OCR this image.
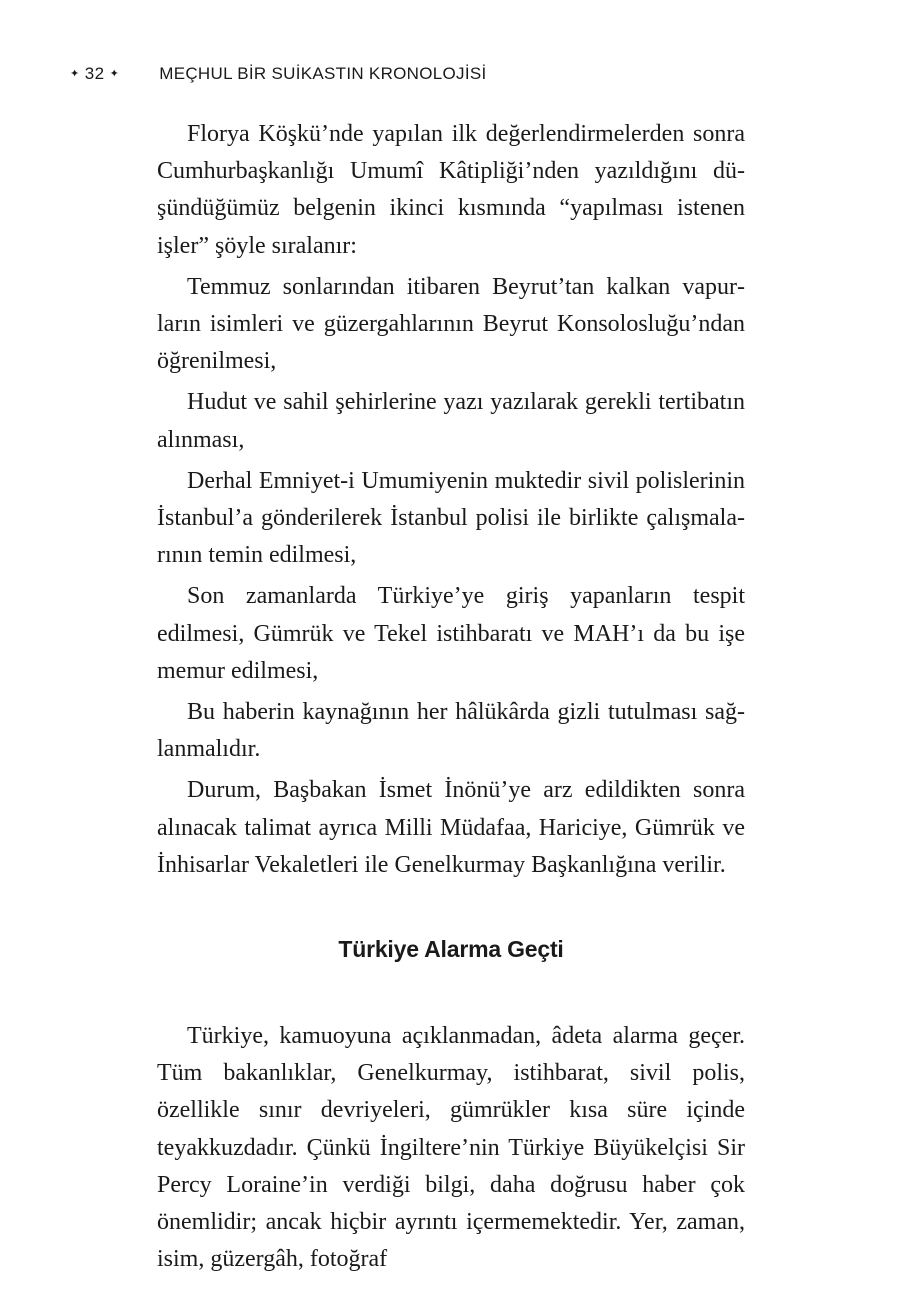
✦ 32 ✦ MEÇHUL BİR SUİKASTIN KRONOLOJİSİ

Florya Köşkü’nde yapılan ilk değerlendirmelerden sonra Cumhurbaşkanlığı Umumî Kâtipliği’nden yazıldığını düşündüğümüz belgenin ikinci kısmında “yapılması istenen işler” şöyle sıralanır:

Temmuz sonlarından itibaren Beyrut’tan kalkan vapurların isimleri ve güzergahlarının Beyrut Konsolosluğu’ndan öğrenilmesi,

Hudut ve sahil şehirlerine yazı yazılarak gerekli tertibatın alınması,

Derhal Emniyet-i Umumiyenin muktedir sivil polislerinin İstanbul’a gönderilerek İstanbul polisi ile birlikte çalışmalarının temin edilmesi,

Son zamanlarda Türkiye’ye giriş yapanların tespit edilmesi, Gümrük ve Tekel istihbaratı ve MAH’ı da bu işe memur edilmesi,

Bu haberin kaynağının her hâlükârda gizli tutulması sağlanmalıdır.

Durum, Başbakan İsmet İnönü’ye arz edildikten sonra alınacak talimat ayrıca Milli Müdafaa, Hariciye, Gümrük ve İnhisarlar Vekaletleri ile Genelkurmay Başkanlığına verilir.

Türkiye Alarma Geçti

Türkiye, kamuoyuna açıklanmadan, âdeta alarma geçer. Tüm bakanlıklar, Genelkurmay, istihbarat, sivil polis, özellikle sınır devriyeleri, gümrükler kısa süre içinde teyakkuzdadır. Çünkü İngiltere’nin Türkiye Büyükelçisi Sir Percy Loraine’in verdiği bilgi, daha doğrusu haber çok önemlidir; ancak hiçbir ayrıntı içermemektedir. Yer, zaman, isim, güzergâh, fotoğraf
